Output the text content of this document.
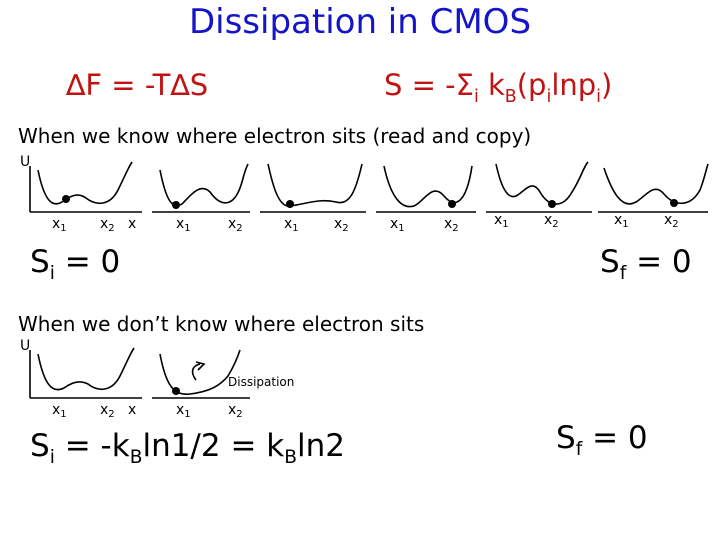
Dissipation in CMOS
∆F = -T∆S	$S = -\Sigma_i$ $k_B(p_i\ln p_i)$
When we know where electron sits (read and copy)
U
x
$x_1$ $x_2$	$x_1$	$x_2$	$x_1$	$x_2$	$x_1$	$x_2$
$x_1$	$x_2$	$x_1$	$x_2$
$S_i = 0$	$S_f = 0$
When we don’t know where electron sits
U
x
$x_1$ $x_2$	$x_1$	$x_2$
Dissipation
$S_i = -k_B\ln 1/2 = k_B\ln 2$	$S_f = 0$
